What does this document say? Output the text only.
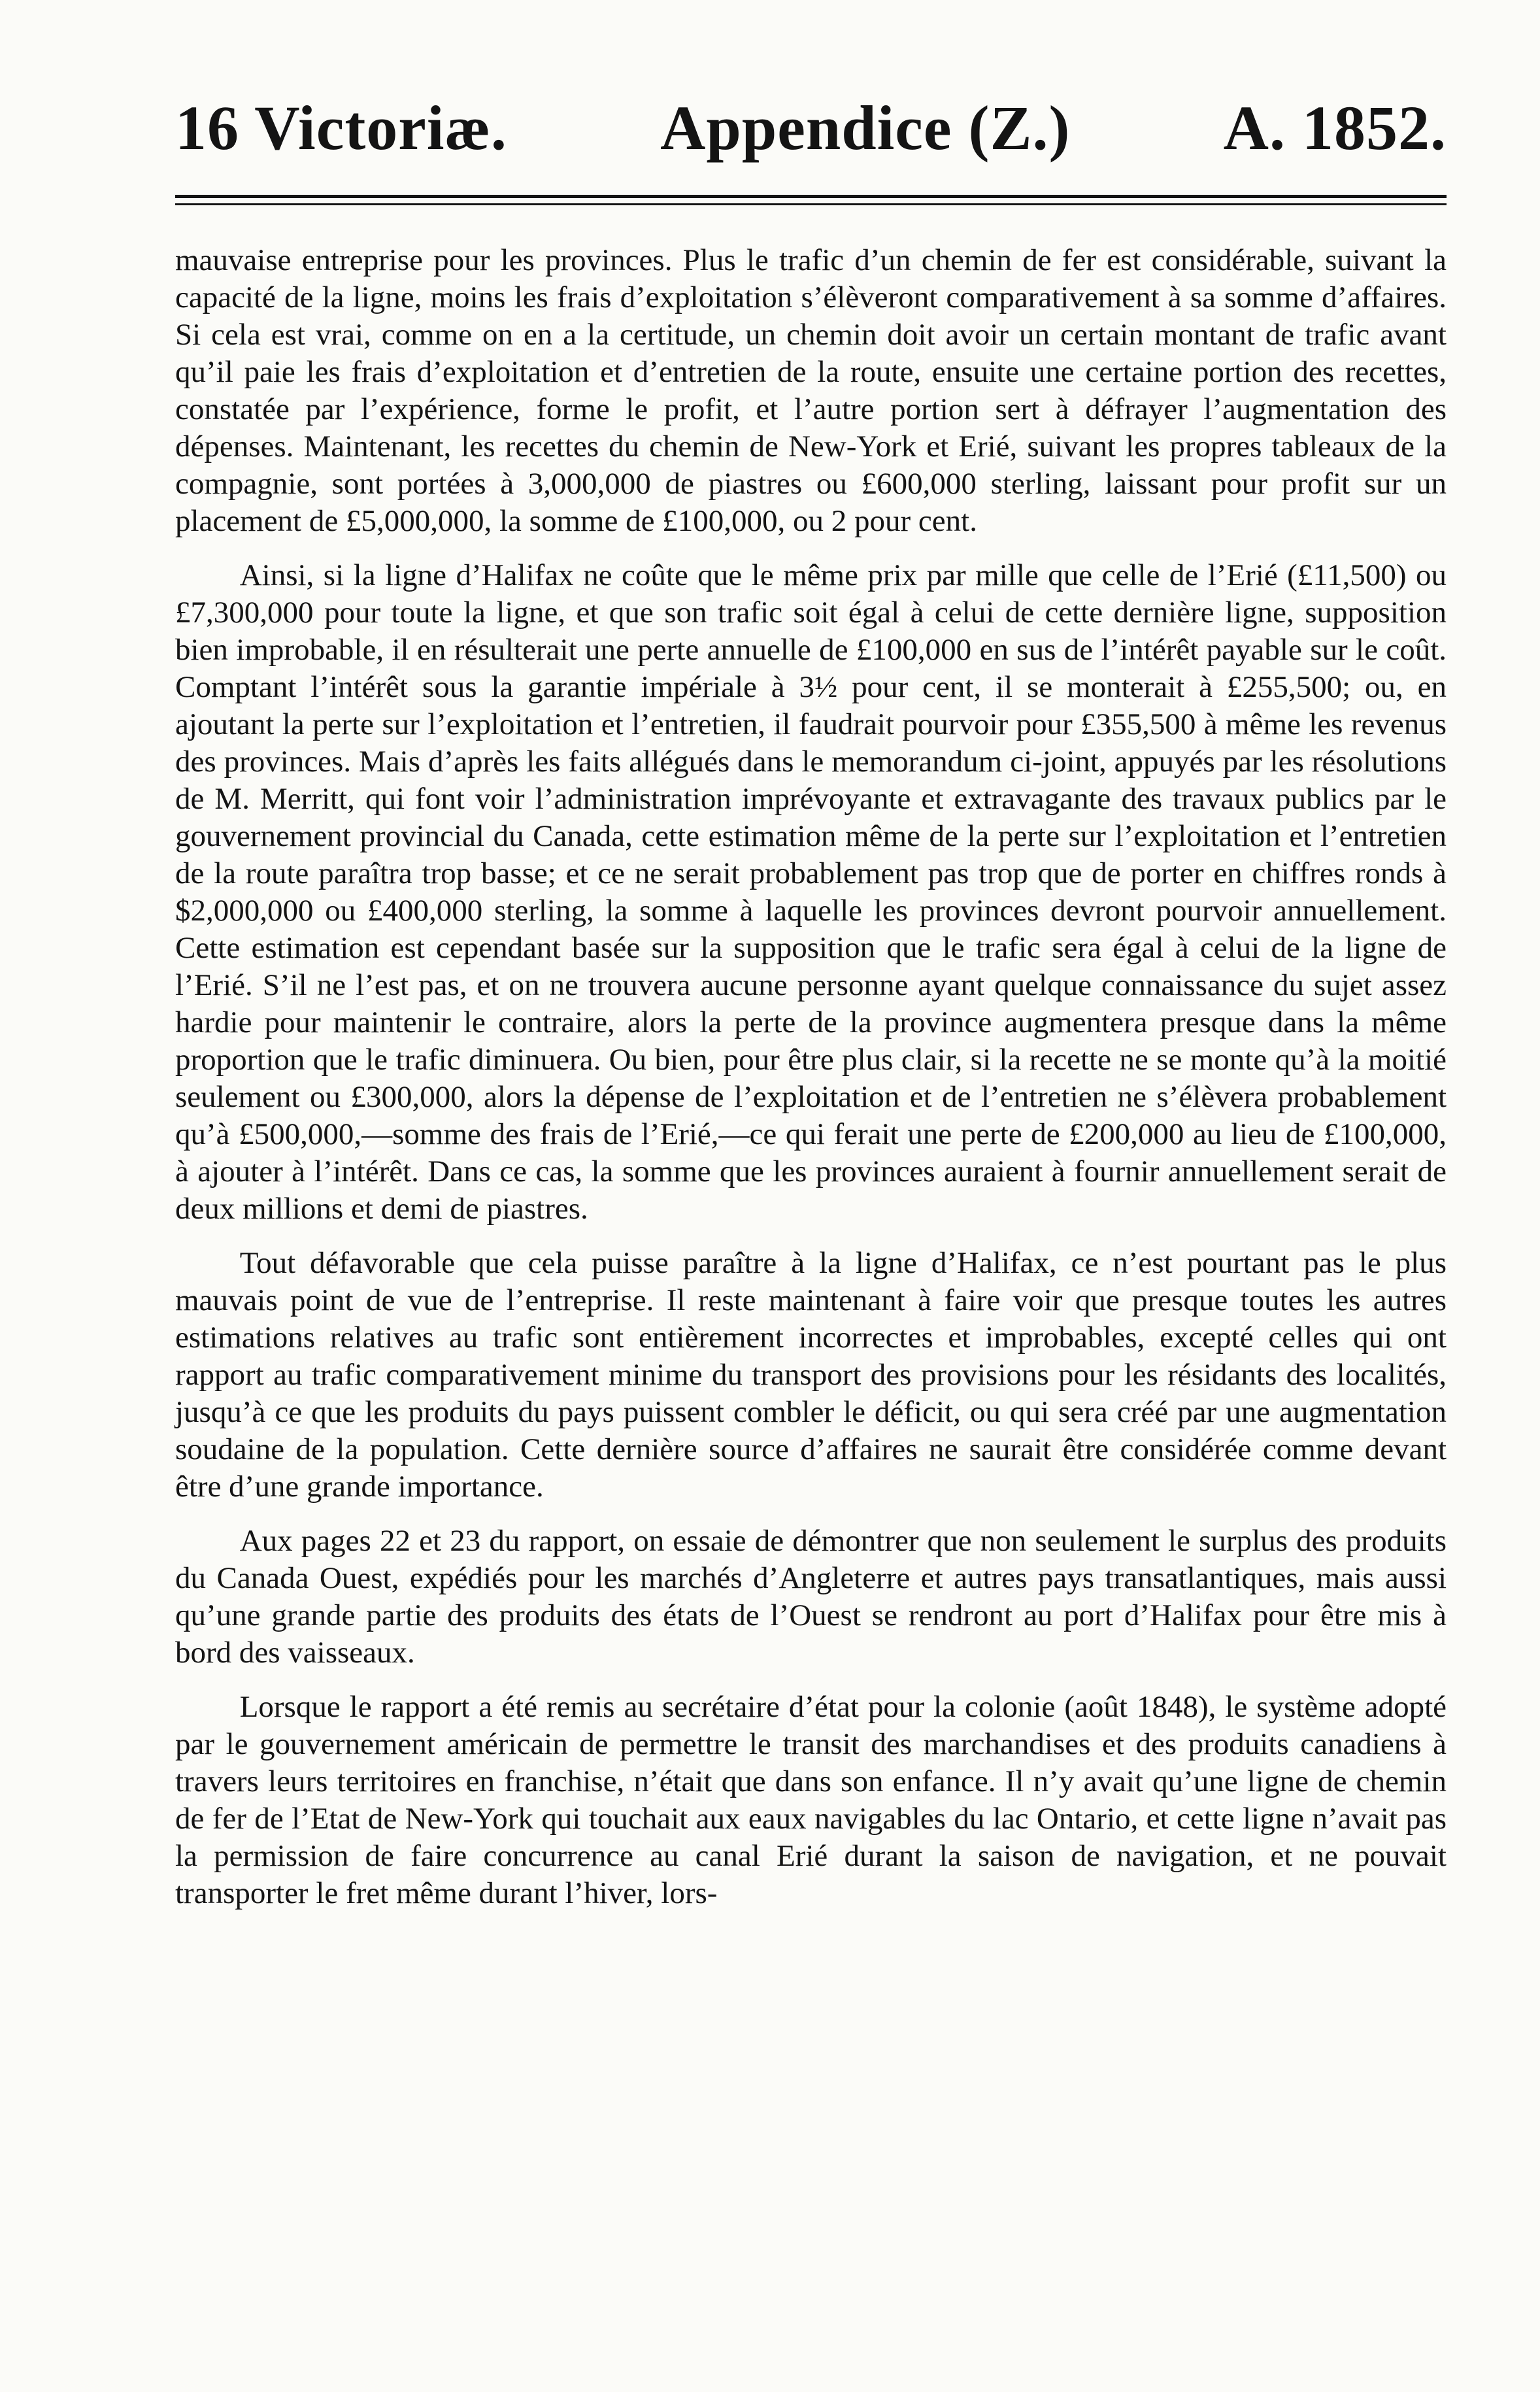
16 Victoriæ. Appendice (Z.) A. 1852.

mauvaise entreprise pour les provinces. Plus le trafic d’un chemin de fer est considérable, suivant la capacité de la ligne, moins les frais d’exploitation s’élèveront comparativement à sa somme d’affaires. Si cela est vrai, comme on en a la certitude, un chemin doit avoir un certain montant de trafic avant qu’il paie les frais d’exploitation et d’entretien de la route, ensuite une certaine portion des recettes, constatée par l’expérience, forme le profit, et l’autre portion sert à défrayer l’augmentation des dépenses. Maintenant, les recettes du chemin de New-York et Erié, suivant les propres tableaux de la compagnie, sont portées à 3,000,000 de piastres ou £600,000 sterling, laissant pour profit sur un placement de £5,000,000, la somme de £100,000, ou 2 pour cent.

Ainsi, si la ligne d’Halifax ne coûte que le même prix par mille que celle de l’Erié (£11,500) ou £7,300,000 pour toute la ligne, et que son trafic soit égal à celui de cette dernière ligne, supposition bien improbable, il en résulterait une perte annuelle de £100,000 en sus de l’intérêt payable sur le coût. Comptant l’intérêt sous la garantie impériale à 3½ pour cent, il se monterait à £255,500; ou, en ajoutant la perte sur l’exploitation et l’entretien, il faudrait pourvoir pour £355,500 à même les revenus des provinces. Mais d’après les faits allégués dans le memorandum ci-joint, appuyés par les résolutions de M. Merritt, qui font voir l’administration imprévoyante et extravagante des travaux publics par le gouvernement provincial du Canada, cette estimation même de la perte sur l’exploitation et l’entretien de la route paraîtra trop basse; et ce ne serait probablement pas trop que de porter en chiffres ronds à $2,000,000 ou £400,000 sterling, la somme à laquelle les provinces devront pourvoir annuellement. Cette estimation est cependant basée sur la supposition que le trafic sera égal à celui de la ligne de l’Erié. S’il ne l’est pas, et on ne trouvera aucune personne ayant quelque connaissance du sujet assez hardie pour maintenir le contraire, alors la perte de la province augmentera presque dans la même proportion que le trafic diminuera. Ou bien, pour être plus clair, si la recette ne se monte qu’à la moitié seulement ou £300,000, alors la dépense de l’exploitation et de l’entretien ne s’élèvera probablement qu’à £500,000,—somme des frais de l’Erié,—ce qui ferait une perte de £200,000 au lieu de £100,000, à ajouter à l’intérêt. Dans ce cas, la somme que les provinces auraient à fournir annuellement serait de deux millions et demi de piastres.

Tout défavorable que cela puisse paraître à la ligne d’Halifax, ce n’est pourtant pas le plus mauvais point de vue de l’entreprise. Il reste maintenant à faire voir que presque toutes les autres estimations relatives au trafic sont entièrement incorrectes et improbables, excepté celles qui ont rapport au trafic comparativement minime du transport des provisions pour les résidants des localités, jusqu’à ce que les produits du pays puissent combler le déficit, ou qui sera créé par une augmentation soudaine de la population. Cette dernière source d’affaires ne saurait être considérée comme devant être d’une grande importance.

Aux pages 22 et 23 du rapport, on essaie de démontrer que non seulement le surplus des produits du Canada Ouest, expédiés pour les marchés d’Angleterre et autres pays transatlantiques, mais aussi qu’une grande partie des produits des états de l’Ouest se rendront au port d’Halifax pour être mis à bord des vaisseaux.

Lorsque le rapport a été remis au secrétaire d’état pour la colonie (août 1848), le système adopté par le gouvernement américain de permettre le transit des marchandises et des produits canadiens à travers leurs territoires en franchise, n’était que dans son enfance. Il n’y avait qu’une ligne de chemin de fer de l’Etat de New-York qui touchait aux eaux navigables du lac Ontario, et cette ligne n’avait pas la permission de faire concurrence au canal Erié durant la saison de navigation, et ne pouvait transporter le fret même durant l’hiver, lors-
